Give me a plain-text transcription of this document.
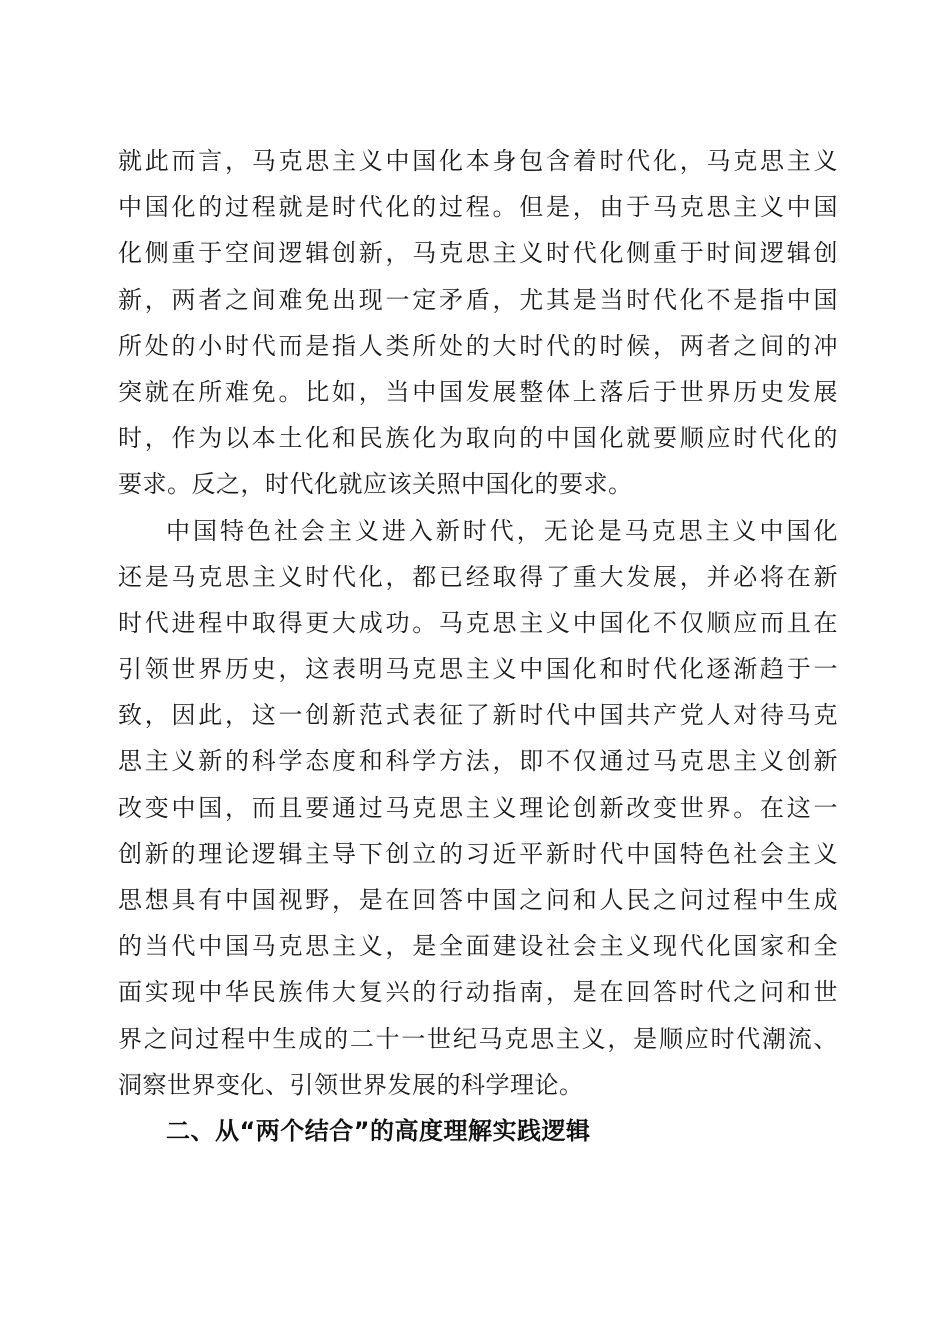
就此而言，马克思主义中国化本身包含着时代化，马克思主义
中国化的过程就是时代化的过程。但是，由于马克思主义中国
化侧重于空间逻辑创新，马克思主义时代化侧重于时间逻辑创
新，两者之间难免出现一定矛盾，尤其是当时代化不是指中国
所处的小时代而是指人类所处的大时代的时候，两者之间的冲
突就在所难免。比如，当中国发展整体上落后于世界历史发展
时，作为以本土化和民族化为取向的中国化就要顺应时代化的
要求。反之，时代化就应该关照中国化的要求。
中国特色社会主义进入新时代，无论是马克思主义中国化
还是马克思主义时代化，都已经取得了重大发展，并必将在新
时代进程中取得更大成功。马克思主义中国化不仅顺应而且在
引领世界历史，这表明马克思主义中国化和时代化逐渐趋于一
致，因此，这一创新范式表征了新时代中国共产党人对待马克
思主义新的科学态度和科学方法，即不仅通过马克思主义创新
改变中国，而且要通过马克思主义理论创新改变世界。在这一
创新的理论逻辑主导下创立的习近平新时代中国特色社会主义
思想具有中国视野，是在回答中国之问和人民之问过程中生成
的当代中国马克思主义，是全面建设社会主义现代化国家和全
面实现中华民族伟大复兴的行动指南，是在回答时代之问和世
界之问过程中生成的二十一世纪马克思主义，是顺应时代潮流、
洞察世界变化、引领世界发展的科学理论。
二、从“两个结合”的高度理解实践逻辑
